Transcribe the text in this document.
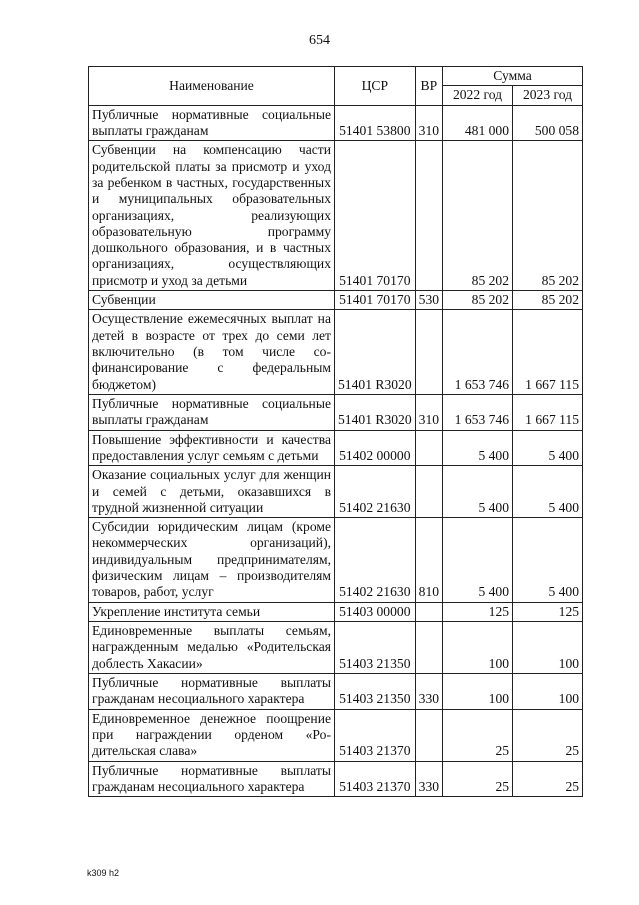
654
Наименование	ЦСР	ВР	Сумма	
			2022 год	2023 год
Публичные нормативные социальные выплаты гражданам	51401 53800	310	481 000	500 058
Субвенции на компенсацию части родительской платы за присмотр и уход за ребенком в частных, государственных и муниципальных образовательных организациях, реализующих образовательную программу дошкольного образования, и в частных организациях, осуществляющих присмотр и уход за детьми	51401 70170		85 202	85 202
Субвенции	51401 70170	530	85 202	85 202
Осуществление ежемесячных выплат на детей в возрасте от трех до семи лет включительно (в том числе софинансирование с федеральным бюджетом)	51401 R3020		1 653 746	1 667 115
Публичные нормативные социальные выплаты гражданам	51401 R3020	310	1 653 746	1 667 115
Повышение эффективности и качества предоставления услуг семьям с детьми	51402 00000		5 400	5 400
Оказание социальных услуг для женщин и семей с детьми, оказавшихся в трудной жизненной ситуации	51402 21630		5 400	5 400
Субсидии юридическим лицам (кроме некоммерческих организаций), индивидуальным предпринимателям, физическим лицам – производителям товаров, работ, услуг	51402 21630	810	5 400	5 400
Укрепление института семьи	51403 00000		125	125
Единовременные выплаты семьям, награжденным медалью «Родительская доблесть Хакасии»	51403 21350		100	100
Публичные нормативные выплаты гражданам несоциального характера	51403 21350	330	100	100
Единовременное денежное поощрение при награждении орденом «Родительская слава»	51403 21370		25	25
Публичные нормативные выплаты гражданам несоциального характера	51403 21370	330	25	25
k309 h2
